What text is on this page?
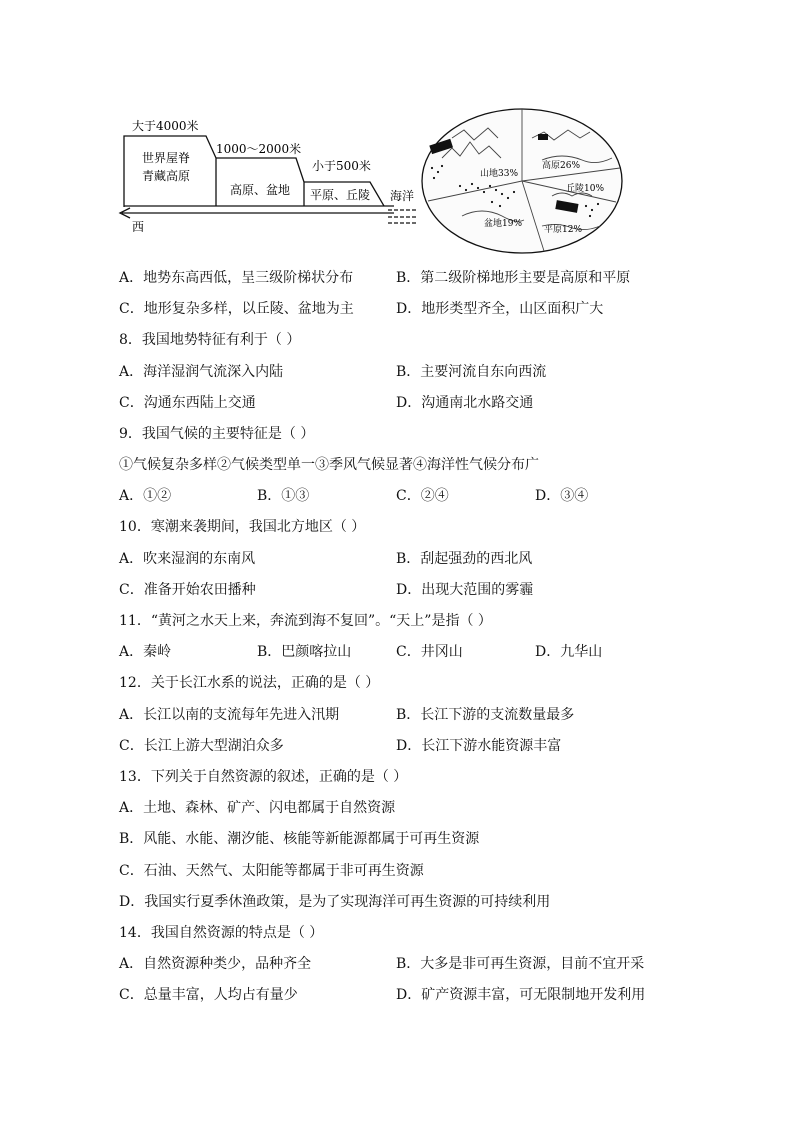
大于4000米
世界屋脊
青藏高原
1000～2000米
高原、盆地
小于500米
平原、丘陵 海洋
西
山地33%
高原26%
丘陵10%
平原12%
盆地19%
A．地势东高西低，呈三级阶梯状分布	B．第二级阶梯地形主要是高原和平原
C．地形复杂多样，以丘陵、盆地为主	D．地形类型齐全，山区面积广大
8．我国地势特征有利于（ ）
A．海洋湿润气流深入内陆	B．主要河流自东向西流
C．沟通东西陆上交通	D．沟通南北水路交通
9．我国气候的主要特征是（ ）
①气候复杂多样②气候类型单一③季风气候显著④海洋性气候分布广
A．①②	B．①③	C．②④	D．③④
10．寒潮来袭期间，我国北方地区（ ）
A．吹来湿润的东南风	B．刮起强劲的西北风
C．准备开始农田播种	D．出现大范围的雾霾
11．“黄河之水天上来，奔流到海不复回”。“天上”是指（ ）
A．秦岭	B．巴颜喀拉山	C．井冈山	D．九华山
12．关于长江水系的说法，正确的是（ ）
A．长江以南的支流每年先进入汛期	B．长江下游的支流数量最多
C．长江上游大型湖泊众多	D．长江下游水能资源丰富
13．下列关于自然资源的叙述，正确的是（ ）
A．土地、森林、矿产、闪电都属于自然资源
B．风能、水能、潮汐能、核能等新能源都属于可再生资源
C．石油、天然气、太阳能等都属于非可再生资源
D．我国实行夏季休渔政策，是为了实现海洋可再生资源的可持续利用
14．我国自然资源的特点是（ ）
A．自然资源种类少，品种齐全	B．大多是非可再生资源，目前不宜开采
C．总量丰富，人均占有量少	D．矿产资源丰富，可无限制地开发利用
